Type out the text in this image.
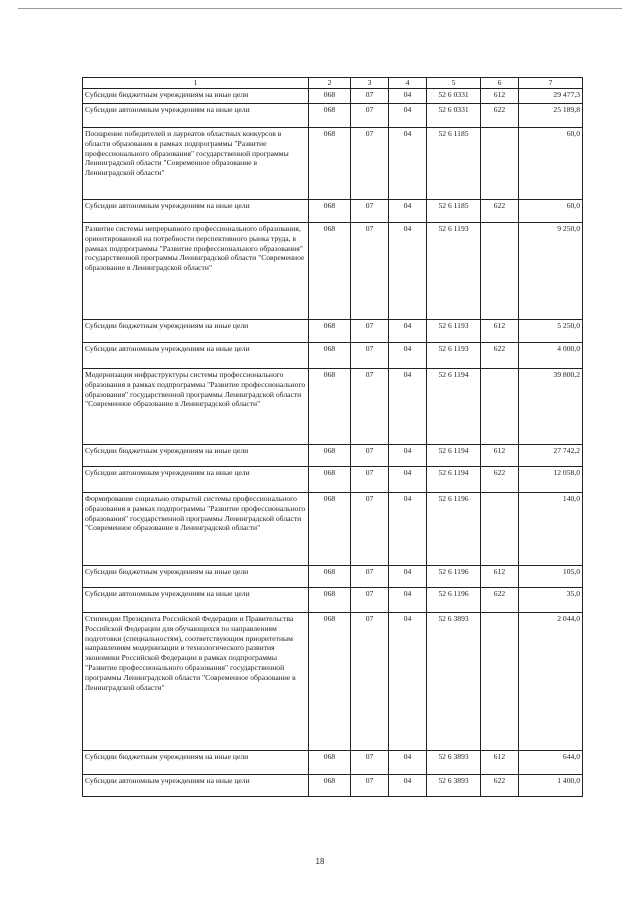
1	2	3	4	5	6	7
Субсидии бюджетным учреждениям на иные цели	068	07	04	52 6 0331	612	29 477,3
Субсидии автономным учреждениям на иные цели	068	07	04	52 6 0331	622	25 189,8
Поощрение победителей и лауреатов областных конкурсов в области образования в рамках подпрограммы "Развитие профессионального образования" государственной программы Ленинградской области "Современное образование в Ленинградской области"	068	07	04	52 6 1185		60,0
Субсидии автономным учреждениям на иные цели	068	07	04	52 6 1185	622	60,0
Развитие системы непрерывного профессионального образования, ориентированной на потребности перспективного рынка труда, в рамках подпрограммы "Развитие профессионального образования" государственной программы Ленинградской области "Современное образование в Ленинградской области"	068	07	04	52 6 1193		9 250,0
Субсидии бюджетным учреждениям на иные цели	068	07	04	52 6 1193	612	5 250,0
Субсидии автономным учреждениям на иные цели	068	07	04	52 6 1193	622	4 000,0
Модернизация инфраструктуры системы профессионального образования в рамках подпрограммы "Развитие профессионального образования" государственной программы Ленинградской области "Современное образование в Ленинградской области"	068	07	04	52 6 1194		39 800,2
Субсидии бюджетным учреждениям на иные цели	068	07	04	52 6 1194	612	27 742,2
Субсидии автономным учреждениям на иные цели	068	07	04	52 6 1194	622	12 058,0
Формирование социально открытой системы профессионального образования в рамках подпрограммы "Развитие профессионального образования" государственной программы Ленинградской области "Современное образование в Ленинградской области"	068	07	04	52 6 1196		140,0
Субсидии бюджетным учреждениям на иные цели	068	07	04	52 6 1196	612	105,0
Субсидии автономным учреждениям на иные цели	068	07	04	52 6 1196	622	35,0
Стипендии Президента Российской Федерации и Правительства Российской Федерации для обучающихся по направлениям подготовки (специальностям), соответствующим приоритетным направлениям модернизации и технологического развития экономики Российской Федерации в рамках подпрограммы "Развитие профессионального образования" государственной программы Ленинградской области "Современное образование в Ленинградской области"	068	07	04	52 6 3893		2 044,0
Субсидии бюджетным учреждениям на иные цели	068	07	04	52 6 3893	612	644,0
Субсидии автономным учреждениям на иные цели	068	07	04	52 6 3893	622	1 400,0
18
